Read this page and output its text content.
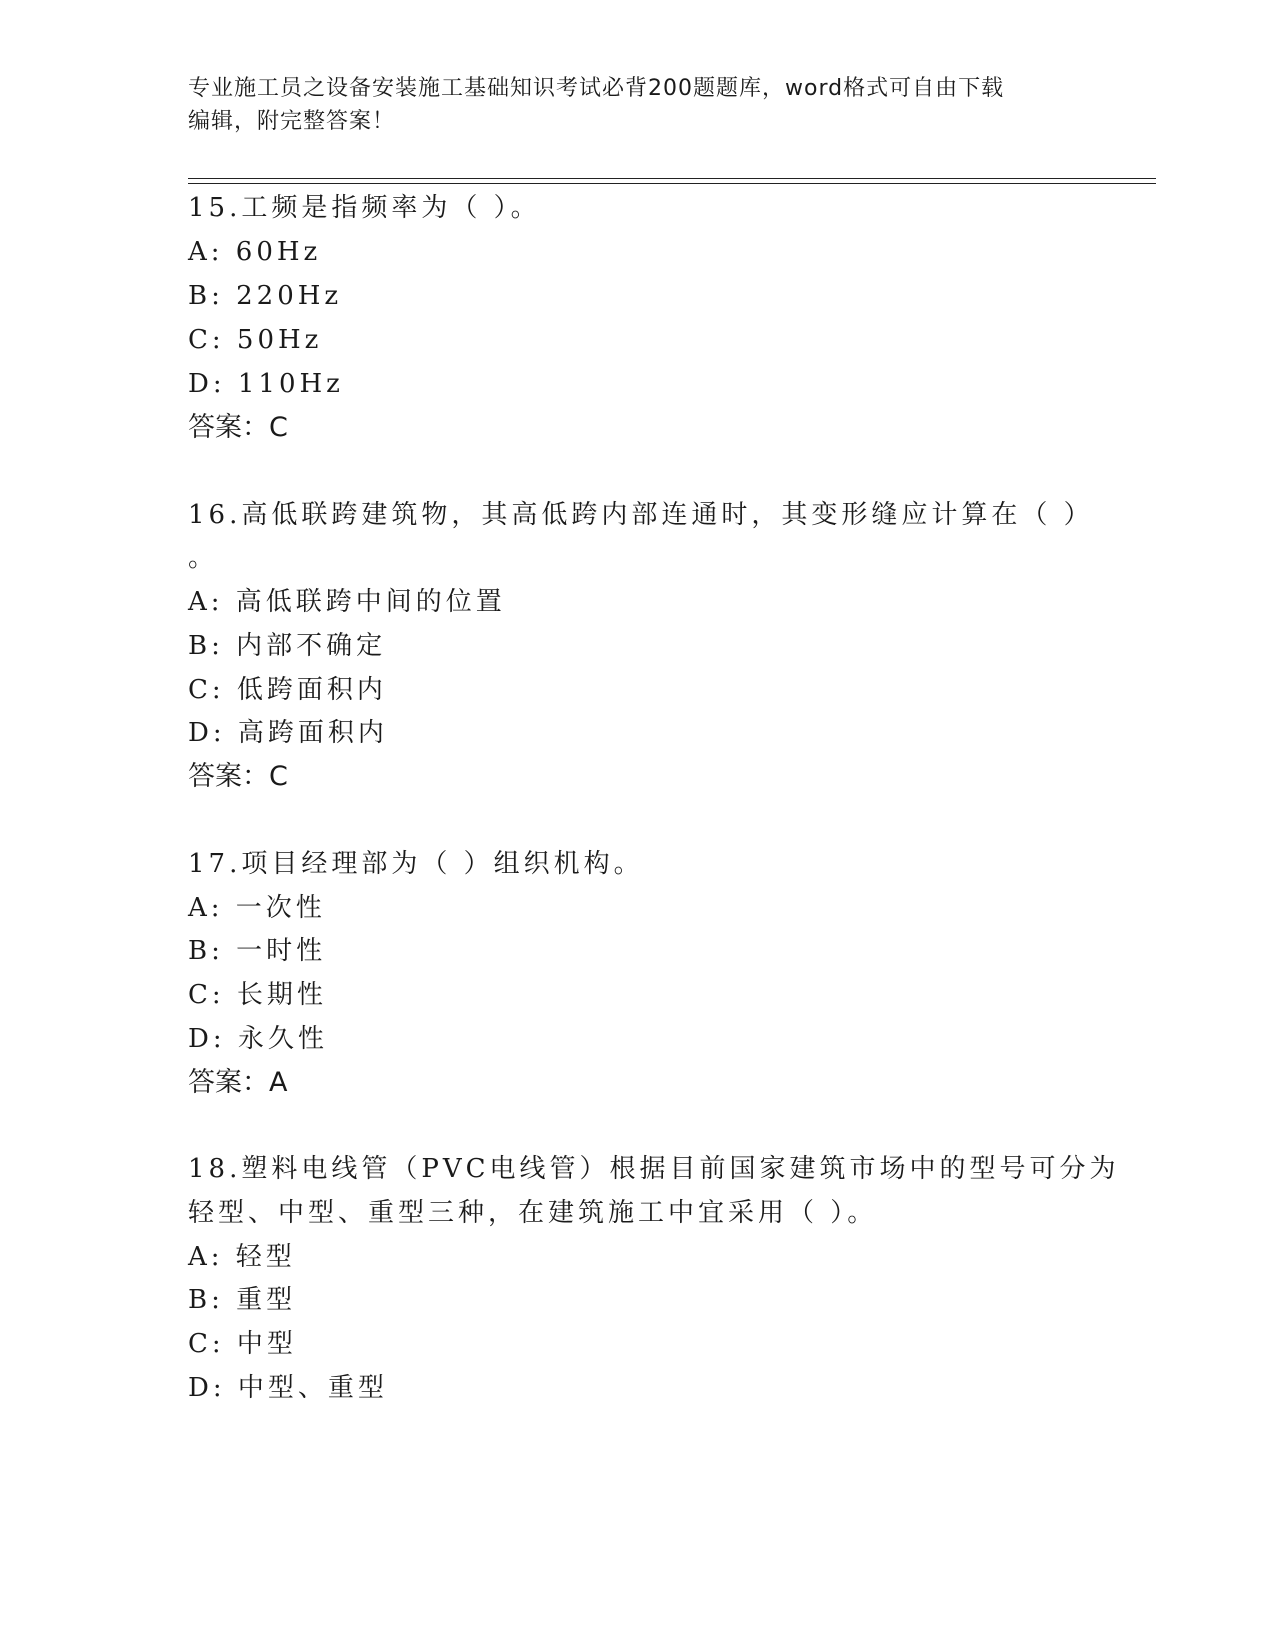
专业施工员之设备安装施工基础知识考试必背200题题库，word格式可自由下载
编辑，附完整答案！
15.工频是指频率为（ ）。
A: 60Hz
B: 220Hz
C: 50Hz
D: 110Hz
答案：C
16.高低联跨建筑物，其高低跨内部连通时，其变形缝应计算在（ ）
。
A: 高低联跨中间的位置
B: 内部不确定
C: 低跨面积内
D: 高跨面积内
答案：C
17.项目经理部为（ ）组织机构。
A: 一次性
B: 一时性
C: 长期性
D: 永久性
答案：A
18.塑料电线管（PVC电线管）根据目前国家建筑市场中的型号可分为
轻型、中型、重型三种，在建筑施工中宜采用（ ）。
A: 轻型
B: 重型
C: 中型
D: 中型、重型
